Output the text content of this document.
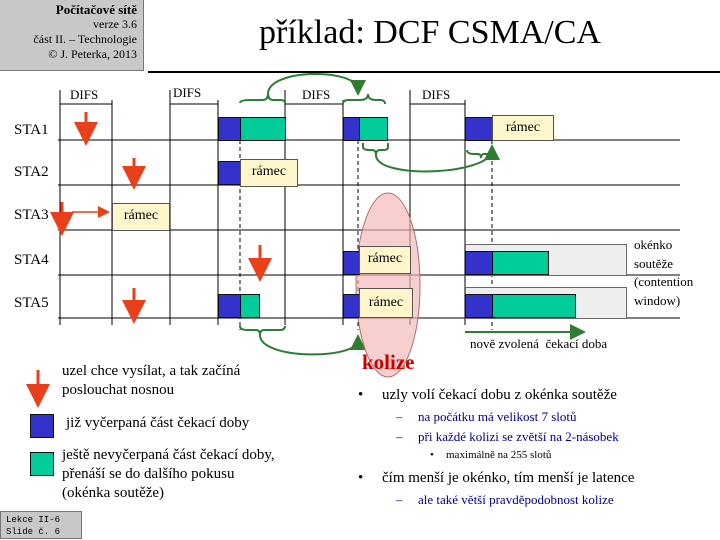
Počítačové sítě
verze 3.6
část II. – Technologie
© J. Peterka, 2013
příklad: DCF CSMA/CA
STA1
STA2
STA3
STA4
STA5
DIFS	DIFS	DIFS	DIFS
rámec
rámec
rámec
rámec
rámec
okénko
soutěže
(contention
window)
nově zvolená  čekací doba
kolize
uzel chce vysílat, a tak začíná
poslouchat nosnou
již vyčerpaná část čekací doby
ještě nevyčerpaná část čekací doby,
přenáší se do dalšího pokusu
(okénka soutěže)
• uzly volí čekací dobu z okénka soutěže
– na počátku má velikost 7 slotů
– při každé kolizi se zvětší na 2-násobek
• maximálně na 255 slotů
• čím menší je okénko, tím menší je latence
– ale také větší pravděpodobnost kolize
Lekce II-6
Slide č. 6
